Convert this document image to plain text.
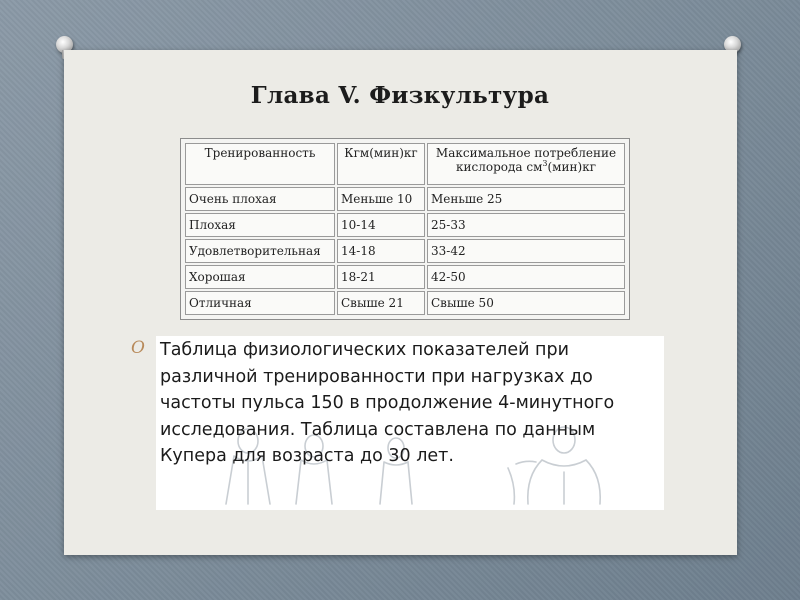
Глава V. Физкультура
Тренированность	Кгм(мин)кг	Максимальное потребление
кислорода $см^3(мин)кг$

Очень плохая	Меньше 10	Меньше 25
Плохая	10-14	25-33
Удовлетворительная	14-18	33-42
Хорошая	18-21	42-50
Отличная	Свыше 21	Свыше 50
O Таблица физиологических показателей при различной тренированности при нагрузках до частоты пульса 150 в продолжение 4-минутного исследования. Таблица составлена по данным Купера для возраста до 30 лет.
